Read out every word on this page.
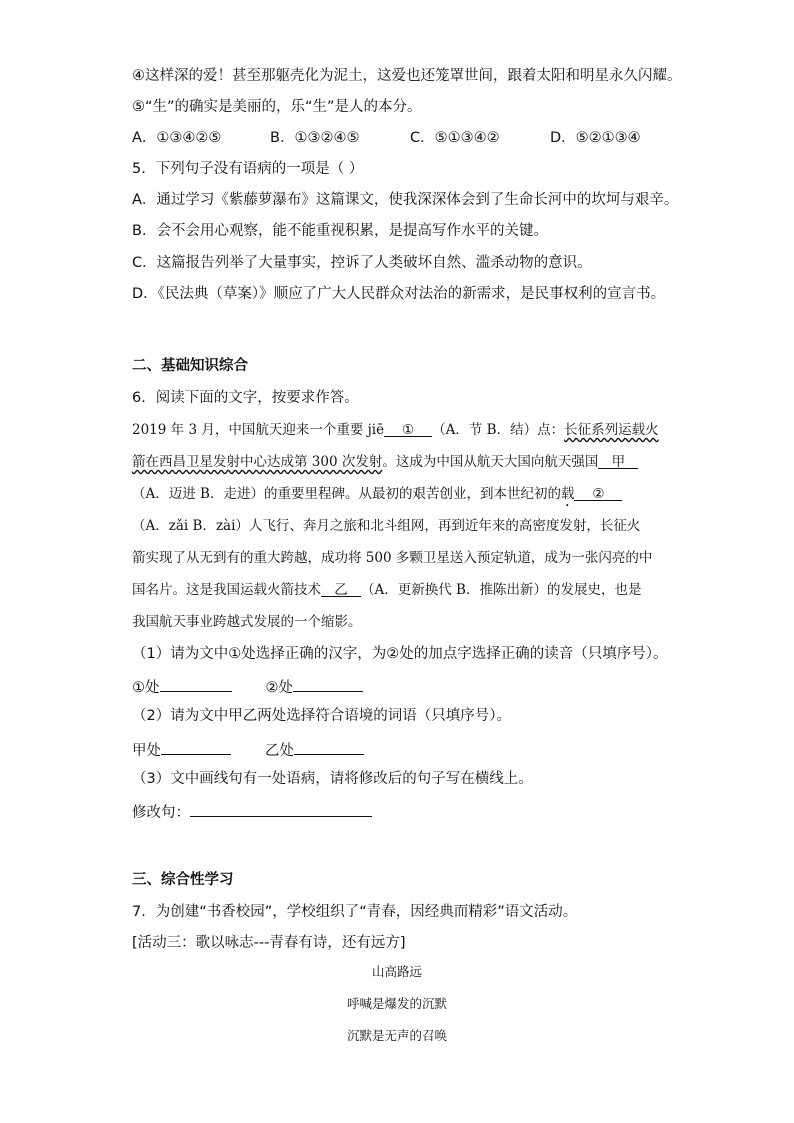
④这样深的爱！甚至那躯壳化为泥土，这爱也还笼罩世间，跟着太阳和明星永久闪耀。
⑤“生”的确实是美丽的，乐“生”是人的本分。
A．①③④②⑤	B．①③②④⑤	C．⑤①③④②	D．⑤②①③④
5．下列句子没有语病的一项是（ ）
A．通过学习《紫藤萝瀑布》这篇课文，使我深深体会到了生命长河中的坎坷与艰辛。
B．会不会用心观察，能不能重视积累，是提高写作水平的关键。
C．这篇报告列举了大量事实，控诉了人类破坏自然、滥杀动物的意识。
D．《民法典（草案）》顺应了广大人民群众对法治的新需求，是民事权利的宣言书。
二、基础知识综合
6．阅读下面的文字，按要求作答。
2019 年 3 月，中国航天迎来一个重要 jiē ① （A．节 B．结）点：长征系列运载火
箭在西昌卫星发射中心达成第 300 次发射。这成为中国从航天大国向航天强国 甲
（A．迈进 B．走进）的重要里程碑。从最初的艰苦创业，到本世纪初的载 ②
（A．zǎi B．zài）人飞行、奔月之旅和北斗组网，再到近年来的高密度发射，长征火
箭实现了从无到有的重大跨越，成功将 500 多颗卫星送入预定轨道，成为一张闪亮的中
国名片。这是我国运载火箭技术 乙 （A．更新换代 B．推陈出新）的发展史，也是
我国航天事业跨越式发展的一个缩影。
（1）请为文中①处选择正确的汉字，为②处的加点字选择正确的读音（只填序号）。
①处	②处
（2）请为文中甲乙两处选择符合语境的词语（只填序号）。
甲处	乙处
（3）文中画线句有一处语病，请将修改后的句子写在横线上。
修改句：
三、综合性学习
7．为创建“书香校园”，学校组织了“青春，因经典而精彩”语文活动。
[活动三：歌以咏志---青春有诗，还有远方]
山高路远
呼喊是爆发的沉默
沉默是无声的召唤
